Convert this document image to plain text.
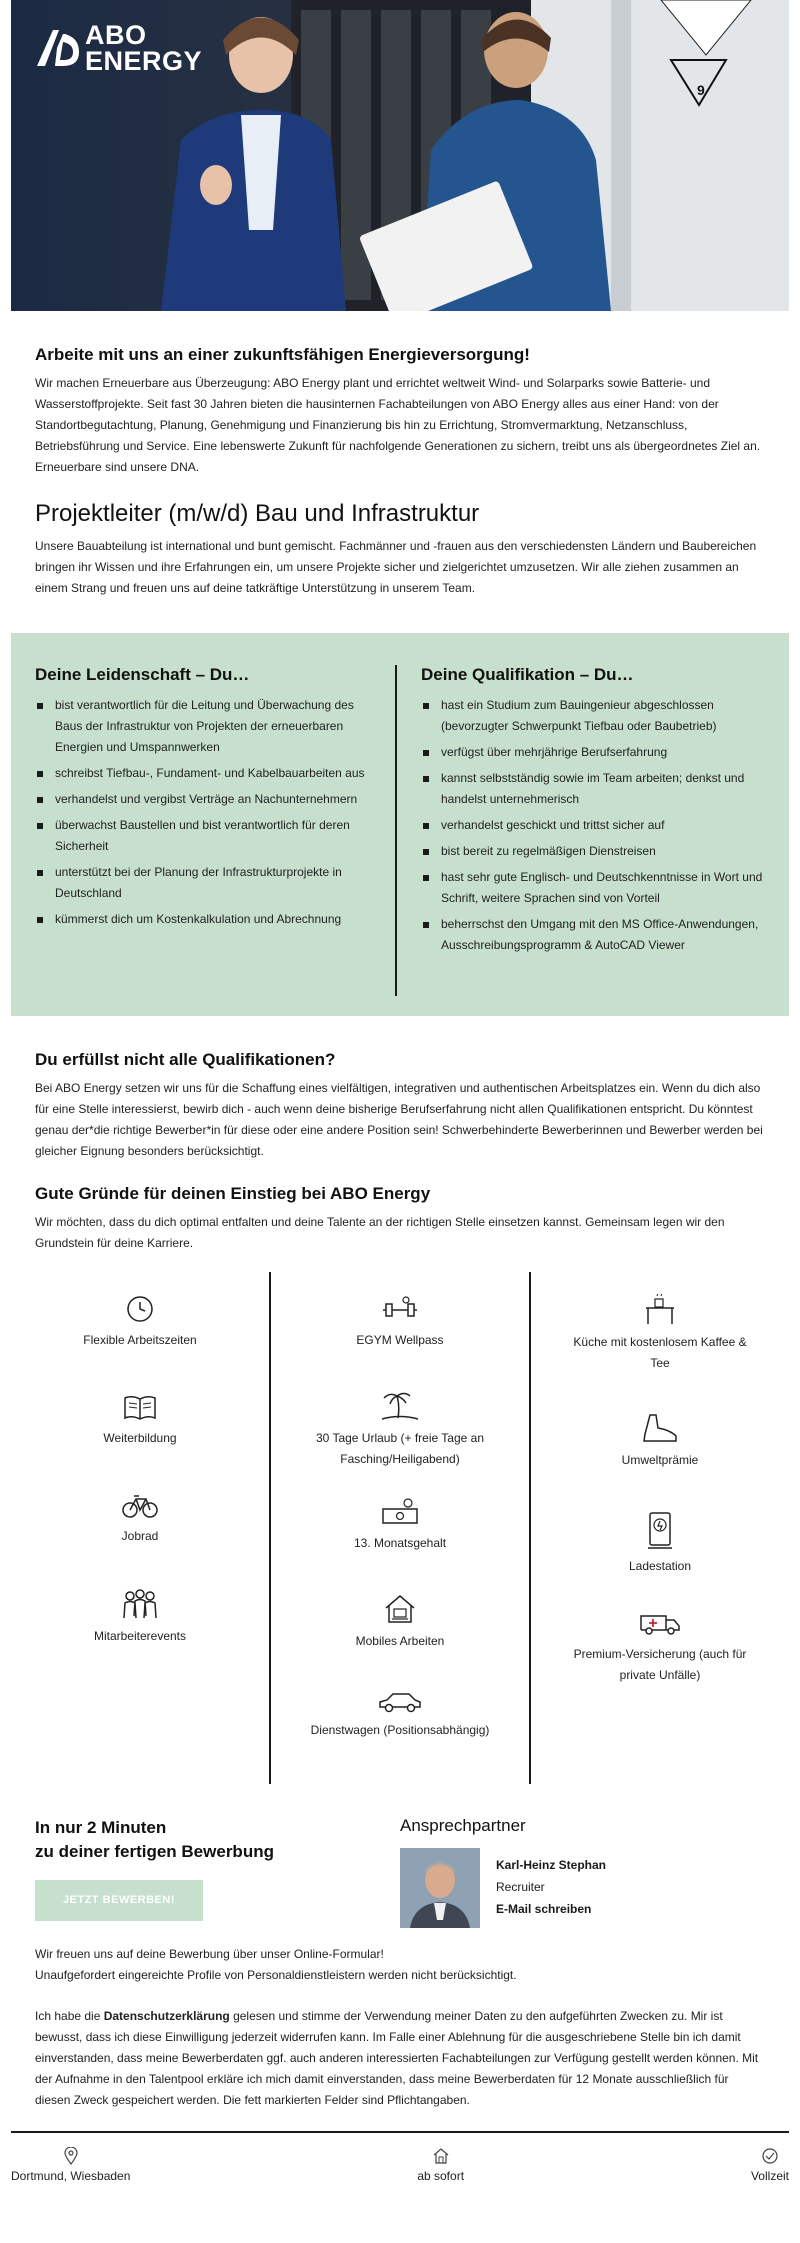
9
ABO
ENERGY
Arbeite mit uns an einer zukunftsfähigen Energieversorgung!

Wir machen Erneuerbare aus Überzeugung: ABO Energy plant und errichtet weltweit Wind- und Solarparks sowie Batterie- und Wasserstoffprojekte. Seit fast 30 Jahren bieten die hausinternen Fachabteilungen von ABO Energy alles aus einer Hand: von der Standortbegutachtung, Planung, Genehmigung und Finanzierung bis hin zu Errichtung, Stromvermarktung, Netzanschluss, Betriebsführung und Service. Eine lebenswerte Zukunft für nachfolgende Generationen zu sichern, treibt uns als übergeordnetes Ziel an. Erneuerbare sind unsere DNA.

Projektleiter (m/w/d) Bau und Infrastruktur

Unsere Bauabteilung ist international und bunt gemischt. Fachmänner und -frauen aus den verschiedensten Ländern und Baubereichen bringen ihr Wissen und ihre Erfahrungen ein, um unsere Projekte sicher und zielgerichtet umzusetzen. Wir alle ziehen zusammen an einem Strang und freuen uns auf deine tatkräftige Unterstützung in unserem Team.

Deine Leidenschaft – Du…
bist verantwortlich für die Leitung und Überwachung des Baus der Infrastruktur von Projekten der erneuerbaren Energien und Umspannwerken
schreibst Tiefbau-, Fundament- und Kabelbauarbeiten aus
verhandelst und vergibst Verträge an Nachunternehmern
überwachst Baustellen und bist verantwortlich für deren Sicherheit
unterstützt bei der Planung der Infrastrukturprojekte in Deutschland
kümmerst dich um Kostenkalkulation und Abrechnung
Deine Qualifikation – Du…
hast ein Studium zum Bauingenieur abgeschlossen (bevorzugter Schwerpunkt Tiefbau oder Baubetrieb)
verfügst über mehrjährige Berufserfahrung
kannst selbstständig sowie im Team arbeiten; denkst und handelst unternehmerisch
verhandelst geschickt und trittst sicher auf
bist bereit zu regelmäßigen Dienstreisen
hast sehr gute Englisch- und Deutschkenntnisse in Wort und Schrift, weitere Sprachen sind von Vorteil
beherrschst den Umgang mit den MS Office-Anwendungen, Ausschreibungsprogramm & AutoCAD Viewer
Du erfüllst nicht alle Qualifikationen?

Bei ABO Energy setzen wir uns für die Schaffung eines vielfältigen, integrativen und authentischen Arbeitsplatzes ein. Wenn du dich also für eine Stelle interessierst, bewirb dich - auch wenn deine bisherige Berufserfahrung nicht allen Qualifikationen entspricht. Du könntest genau der*die richtige Bewerber*in für diese oder eine andere Position sein! Schwerbehinderte Bewerberinnen und Bewerber werden bei gleicher Eignung besonders berücksichtigt.

Gute Gründe für deinen Einstieg bei ABO Energy

Wir möchten, dass du dich optimal entfalten und deine Talente an der richtigen Stelle einsetzen kannst. Gemeinsam legen wir den Grundstein für deine Karriere.

Flexible Arbeitszeiten
Weiterbildung
Jobrad
Mitarbeiterevents
EGYM Wellpass
30 Tage Urlaub (+ freie Tage an Fasching/Heiligabend)
13. Monatsgehalt
Mobiles Arbeiten
Dienstwagen (Positionsabhängig)
Küche mit kostenlosem Kaffee & Tee
Umweltprämie
Ladestation
Premium-Versicherung (auch für private Unfälle)
In nur 2 Minuten
zu deiner fertigen Bewerbung
JETZT BEWERBEN!
Ansprechpartner
Karl-Heinz Stephan
Recruiter
E-Mail schreiben

Wir freuen uns auf deine Bewerbung über unser Online-Formular!
Unaufgefordert eingereichte Profile von Personaldienstleistern werden nicht berücksichtigt.

Ich habe die Datenschutzerklärung gelesen und stimme der Verwendung meiner Daten zu den aufgeführten Zwecken zu. Mir ist bewusst, dass ich diese Einwilligung jederzeit widerrufen kann. Im Falle einer Ablehnung für die ausgeschriebene Stelle bin ich damit einverstanden, dass meine Bewerberdaten ggf. auch anderen interessierten Fachabteilungen zur Verfügung gestellt werden können. Mit der Aufnahme in den Talentpool erkläre ich mich damit einverstanden, dass meine Bewerberdaten für 12 Monate ausschließlich für diesen Zweck gespeichert werden. Die fett markierten Felder sind Pflichtangaben.

Dortmund, Wiesbaden	ab sofort	Vollzeit
